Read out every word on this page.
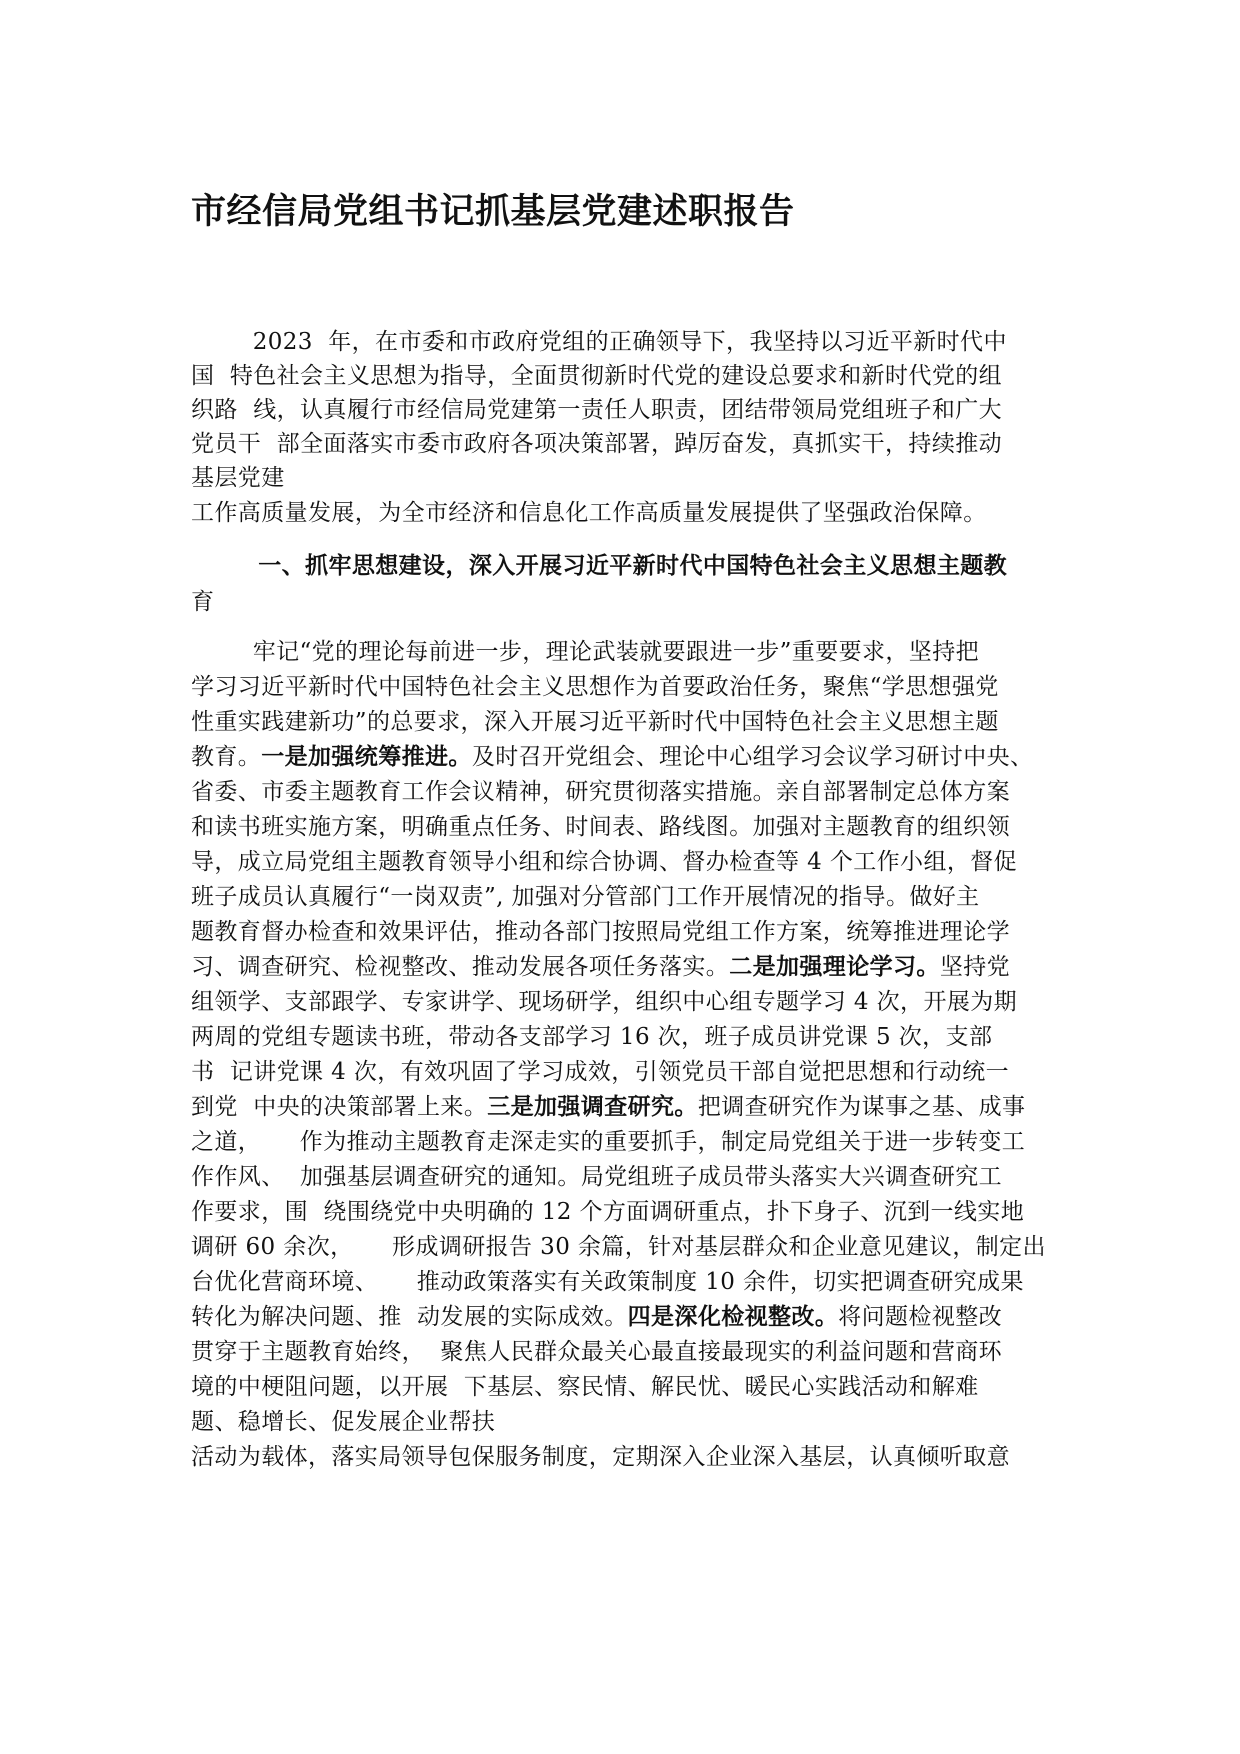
市经信局党组书记抓基层党建述职报告

2023  年，在市委和市政府党组的正确领导下，我坚持以习近平新时代中

国  特色社会主义思想为指导，全面贯彻新时代党的建设总要求和新时代党的组

织路  线，认真履行市经信局党建第一责任人职责，团结带领局党组班子和广大

党员干  部全面落实市委市政府各项决策部署，踔厉奋发，真抓实干，持续推动

基层党建

工作高质量发展，为全市经济和信息化工作高质量发展提供了坚强政治保障。

一、抓牢思想建设，深入开展习近平新时代中国特色社会主义思想主题教

育

牢记“党的理论每前进一步，理论武装就要跟进一步”重要要求，坚持把

学习习近平新时代中国特色社会主义思想作为首要政治任务，聚焦“学思想强党

性重实践建新功”的总要求，深入开展习近平新时代中国特色社会主义思想主题

教育。一是加强统筹推进。及时召开党组会、理论中心组学习会议学习研讨中央、

省委、市委主题教育工作会议精神，研究贯彻落实措施。亲自部署制定总体方案

和读书班实施方案，明确重点任务、时间表、路线图。加强对主题教育的组织领

导，成立局党组主题教育领导小组和综合协调、督办检查等 4 个工作小组，督促

班子成员认真履行“一岗双责”, 加强对分管部门工作开展情况的指导。做好主

题教育督办检查和效果评估，推动各部门按照局党组工作方案，统筹推进理论学

习、调查研究、检视整改、推动发展各项任务落实。二是加强理论学习。坚持党

组领学、支部跟学、专家讲学、现场研学，组织中心组专题学习 4 次，开展为期

两周的党组专题读书班，带动各支部学习 16 次，班子成员讲党课 5 次，支部

书  记讲党课 4 次，有效巩固了学习成效，引领党员干部自觉把思想和行动统一

到党  中央的决策部署上来。三是加强调查研究。把调查研究作为谋事之基、成事

之道，     作为推动主题教育走深走实的重要抓手，制定局党组关于进一步转变工

作作风、  加强基层调查研究的通知。局党组班子成员带头落实大兴调查研究工

作要求，围  绕围绕党中央明确的 12 个方面调研重点，扑下身子、沉到一线实地

调研 60 余次，     形成调研报告 30 余篇，针对基层群众和企业意见建议，制定出

台优化营商环境、     推动政策落实有关政策制度 10 余件，切实把调查研究成果

转化为解决问题、推  动发展的实际成效。四是深化检视整改。将问题检视整改

贯穿于主题教育始终，  聚焦人民群众最关心最直接最现实的利益问题和营商环

境的中梗阻问题，以开展  下基层、察民情、解民忧、暖民心实践活动和解难

题、稳增长、促发展企业帮扶

活动为载体，落实局领导包保服务制度，定期深入企业深入基层，认真倾听取意
